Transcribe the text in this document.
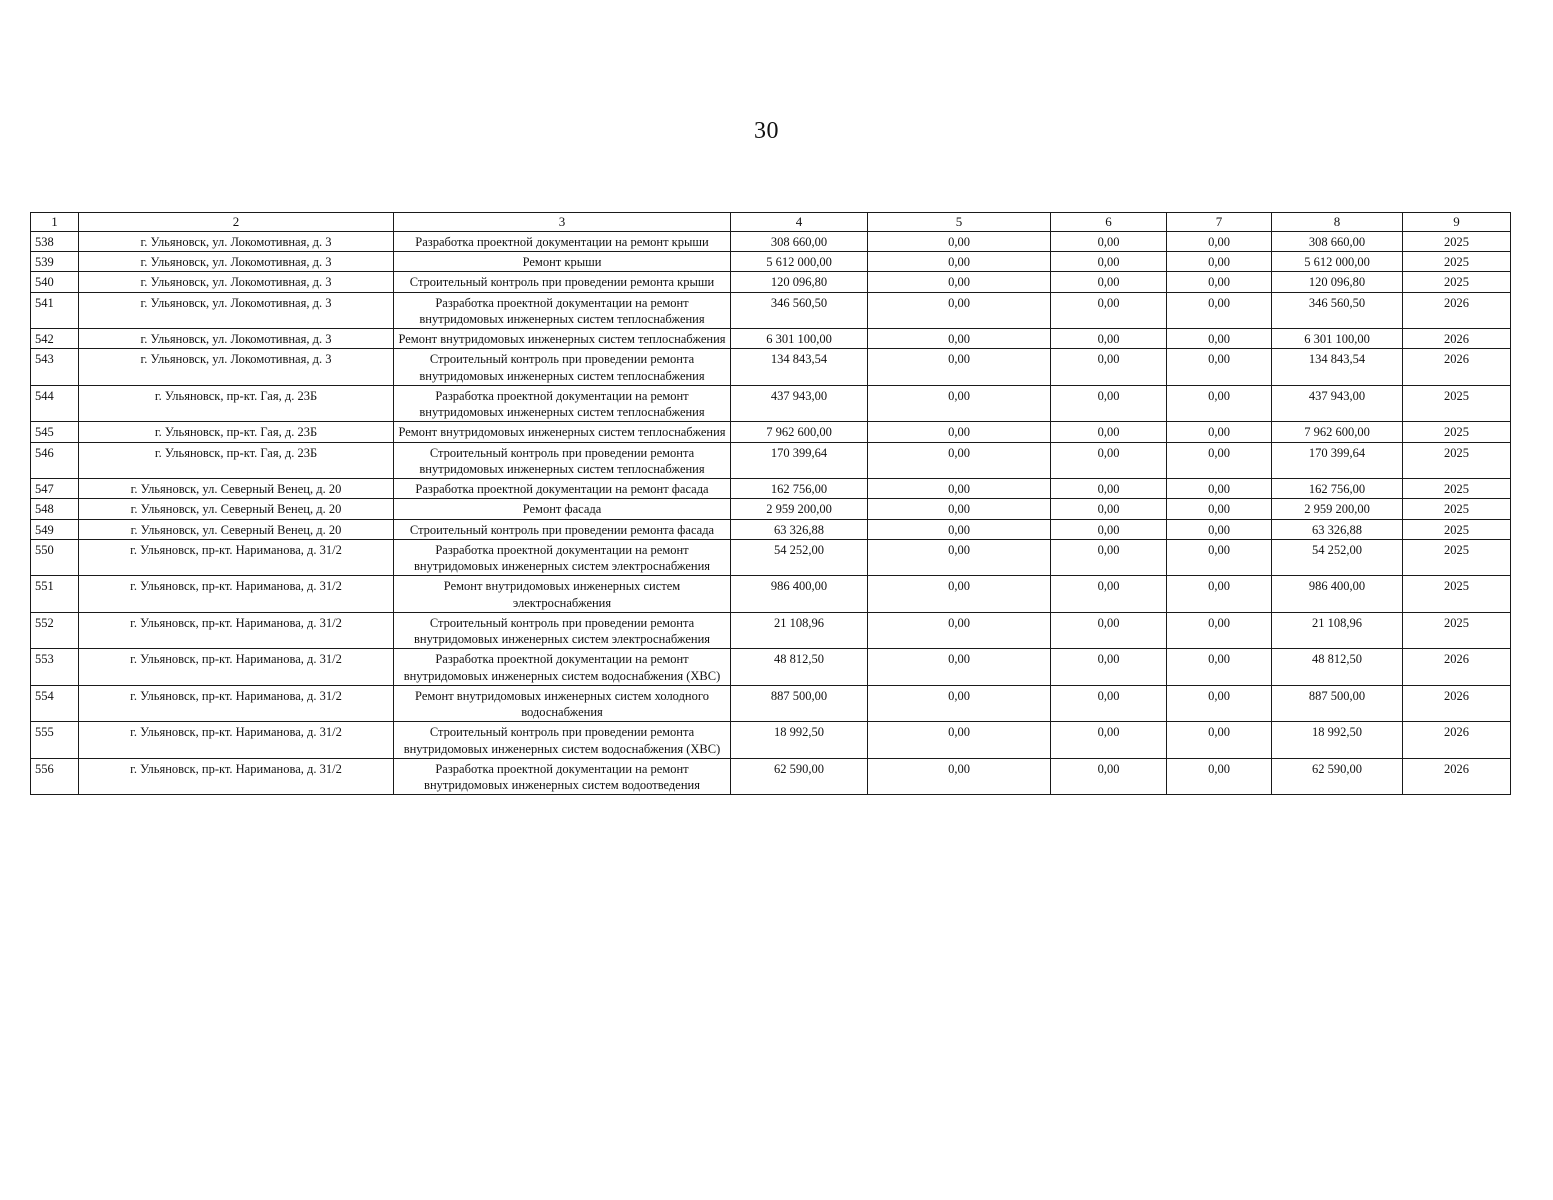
30
1	2	3	4	5	6	7	8	9
538	г. Ульяновск, ул. Локомотивная, д. 3	Разработка проектной документации на ремонт крыши	308 660,00	0,00	0,00	0,00	308 660,00	2025
539	г. Ульяновск, ул. Локомотивная, д. 3	Ремонт крыши	5 612 000,00	0,00	0,00	0,00	5 612 000,00	2025
540	г. Ульяновск, ул. Локомотивная, д. 3	Строительный контроль при проведении ремонта крыши	120 096,80	0,00	0,00	0,00	120 096,80	2025
541	г. Ульяновск, ул. Локомотивная, д. 3	Разработка проектной документации на ремонт внутридомовых инженерных систем теплоснабжения	346 560,50	0,00	0,00	0,00	346 560,50	2026
542	г. Ульяновск, ул. Локомотивная, д. 3	Ремонт внутридомовых инженерных систем теплоснабжения	6 301 100,00	0,00	0,00	0,00	6 301 100,00	2026
543	г. Ульяновск, ул. Локомотивная, д. 3	Строительный контроль при проведении ремонта внутридомовых инженерных систем теплоснабжения	134 843,54	0,00	0,00	0,00	134 843,54	2026
544	г. Ульяновск, пр-кт. Гая, д. 23Б	Разработка проектной документации на ремонт внутридомовых инженерных систем теплоснабжения	437 943,00	0,00	0,00	0,00	437 943,00	2025
545	г. Ульяновск, пр-кт. Гая, д. 23Б	Ремонт внутридомовых инженерных систем теплоснабжения	7 962 600,00	0,00	0,00	0,00	7 962 600,00	2025
546	г. Ульяновск, пр-кт. Гая, д. 23Б	Строительный контроль при проведении ремонта внутридомовых инженерных систем теплоснабжения	170 399,64	0,00	0,00	0,00	170 399,64	2025
547	г. Ульяновск, ул. Северный Венец, д. 20	Разработка проектной документации на ремонт фасада	162 756,00	0,00	0,00	0,00	162 756,00	2025
548	г. Ульяновск, ул. Северный Венец, д. 20	Ремонт фасада	2 959 200,00	0,00	0,00	0,00	2 959 200,00	2025
549	г. Ульяновск, ул. Северный Венец, д. 20	Строительный контроль при проведении ремонта фасада	63 326,88	0,00	0,00	0,00	63 326,88	2025
550	г. Ульяновск, пр-кт. Нариманова, д. 31/2	Разработка проектной документации на ремонт внутридомовых инженерных систем электроснабжения	54 252,00	0,00	0,00	0,00	54 252,00	2025
551	г. Ульяновск, пр-кт. Нариманова, д. 31/2	Ремонт внутридомовых инженерных систем электроснабжения	986 400,00	0,00	0,00	0,00	986 400,00	2025
552	г. Ульяновск, пр-кт. Нариманова, д. 31/2	Строительный контроль при проведении ремонта внутридомовых инженерных систем электроснабжения	21 108,96	0,00	0,00	0,00	21 108,96	2025
553	г. Ульяновск, пр-кт. Нариманова, д. 31/2	Разработка проектной документации на ремонт внутридомовых инженерных систем водоснабжения (ХВС)	48 812,50	0,00	0,00	0,00	48 812,50	2026
554	г. Ульяновск, пр-кт. Нариманова, д. 31/2	Ремонт внутридомовых инженерных систем холодного водоснабжения	887 500,00	0,00	0,00	0,00	887 500,00	2026
555	г. Ульяновск, пр-кт. Нариманова, д. 31/2	Строительный контроль при проведении ремонта внутридомовых инженерных систем водоснабжения (ХВС)	18 992,50	0,00	0,00	0,00	18 992,50	2026
556	г. Ульяновск, пр-кт. Нариманова, д. 31/2	Разработка проектной документации на ремонт внутридомовых инженерных систем водоотведения	62 590,00	0,00	0,00	0,00	62 590,00	2026
